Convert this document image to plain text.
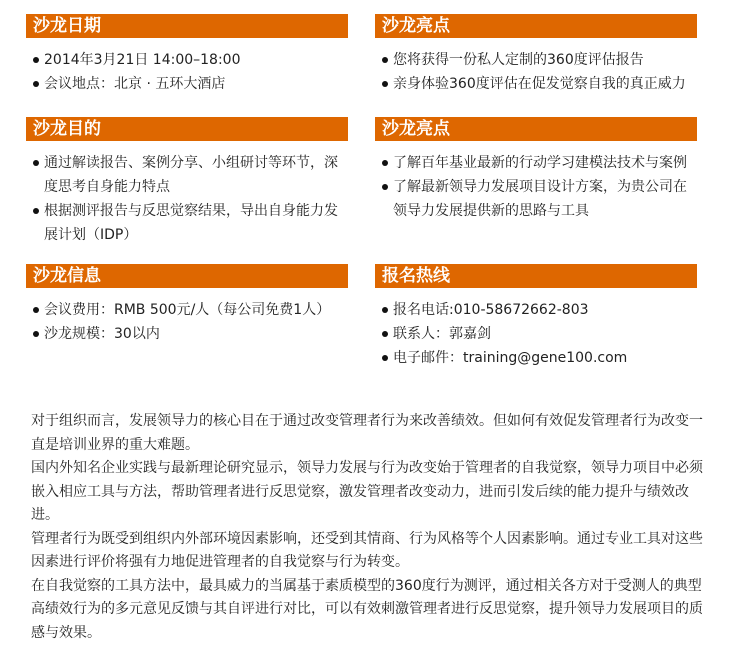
沙龙日期
2014年3月21日 14:00–18:00
会议地点：北京 · 五环大酒店
沙龙亮点
您将获得一份私人定制的360度评估报告
亲身体验360度评估在促发觉察自我的真正威力
沙龙目的
通过解读报告、案例分享、小组研讨等环节，深度思考自身能力特点
根据测评报告与反思觉察结果，导出自身能力发展计划（IDP）
沙龙亮点
了解百年基业最新的行动学习建模法技术与案例
了解最新领导力发展项目设计方案，为贵公司在领导力发展提供新的思路与工具
沙龙信息
会议费用：RMB 500元/人（每公司免费1人）
沙龙规模：30以内
报名热线
报名电话:010-58672662-803
联系人：郭嘉剑
电子邮件：training@gene100.com

对于组织而言，发展领导力的核心目在于通过改变管理者行为来改善绩效。但如何有效促发管理者行为改变一直是培训业界的重大难题。

国内外知名企业实践与最新理论研究显示，领导力发展与行为改变始于管理者的自我觉察，领导力项目中必须嵌入相应工具与方法，帮助管理者进行反思觉察，激发管理者改变动力，进而引发后续的能力提升与绩效改进。

管理者行为既受到组织内外部环境因素影响，还受到其情商、行为风格等个人因素影响。通过专业工具对这些因素进行评价将强有力地促进管理者的自我觉察与行为转变。

在自我觉察的工具方法中，最具威力的当属基于素质模型的360度行为测评，通过相关各方对于受测人的典型高绩效行为的多元意见反馈与其自评进行对比，可以有效刺激管理者进行反思觉察，提升领导力发展项目的质感与效果。
